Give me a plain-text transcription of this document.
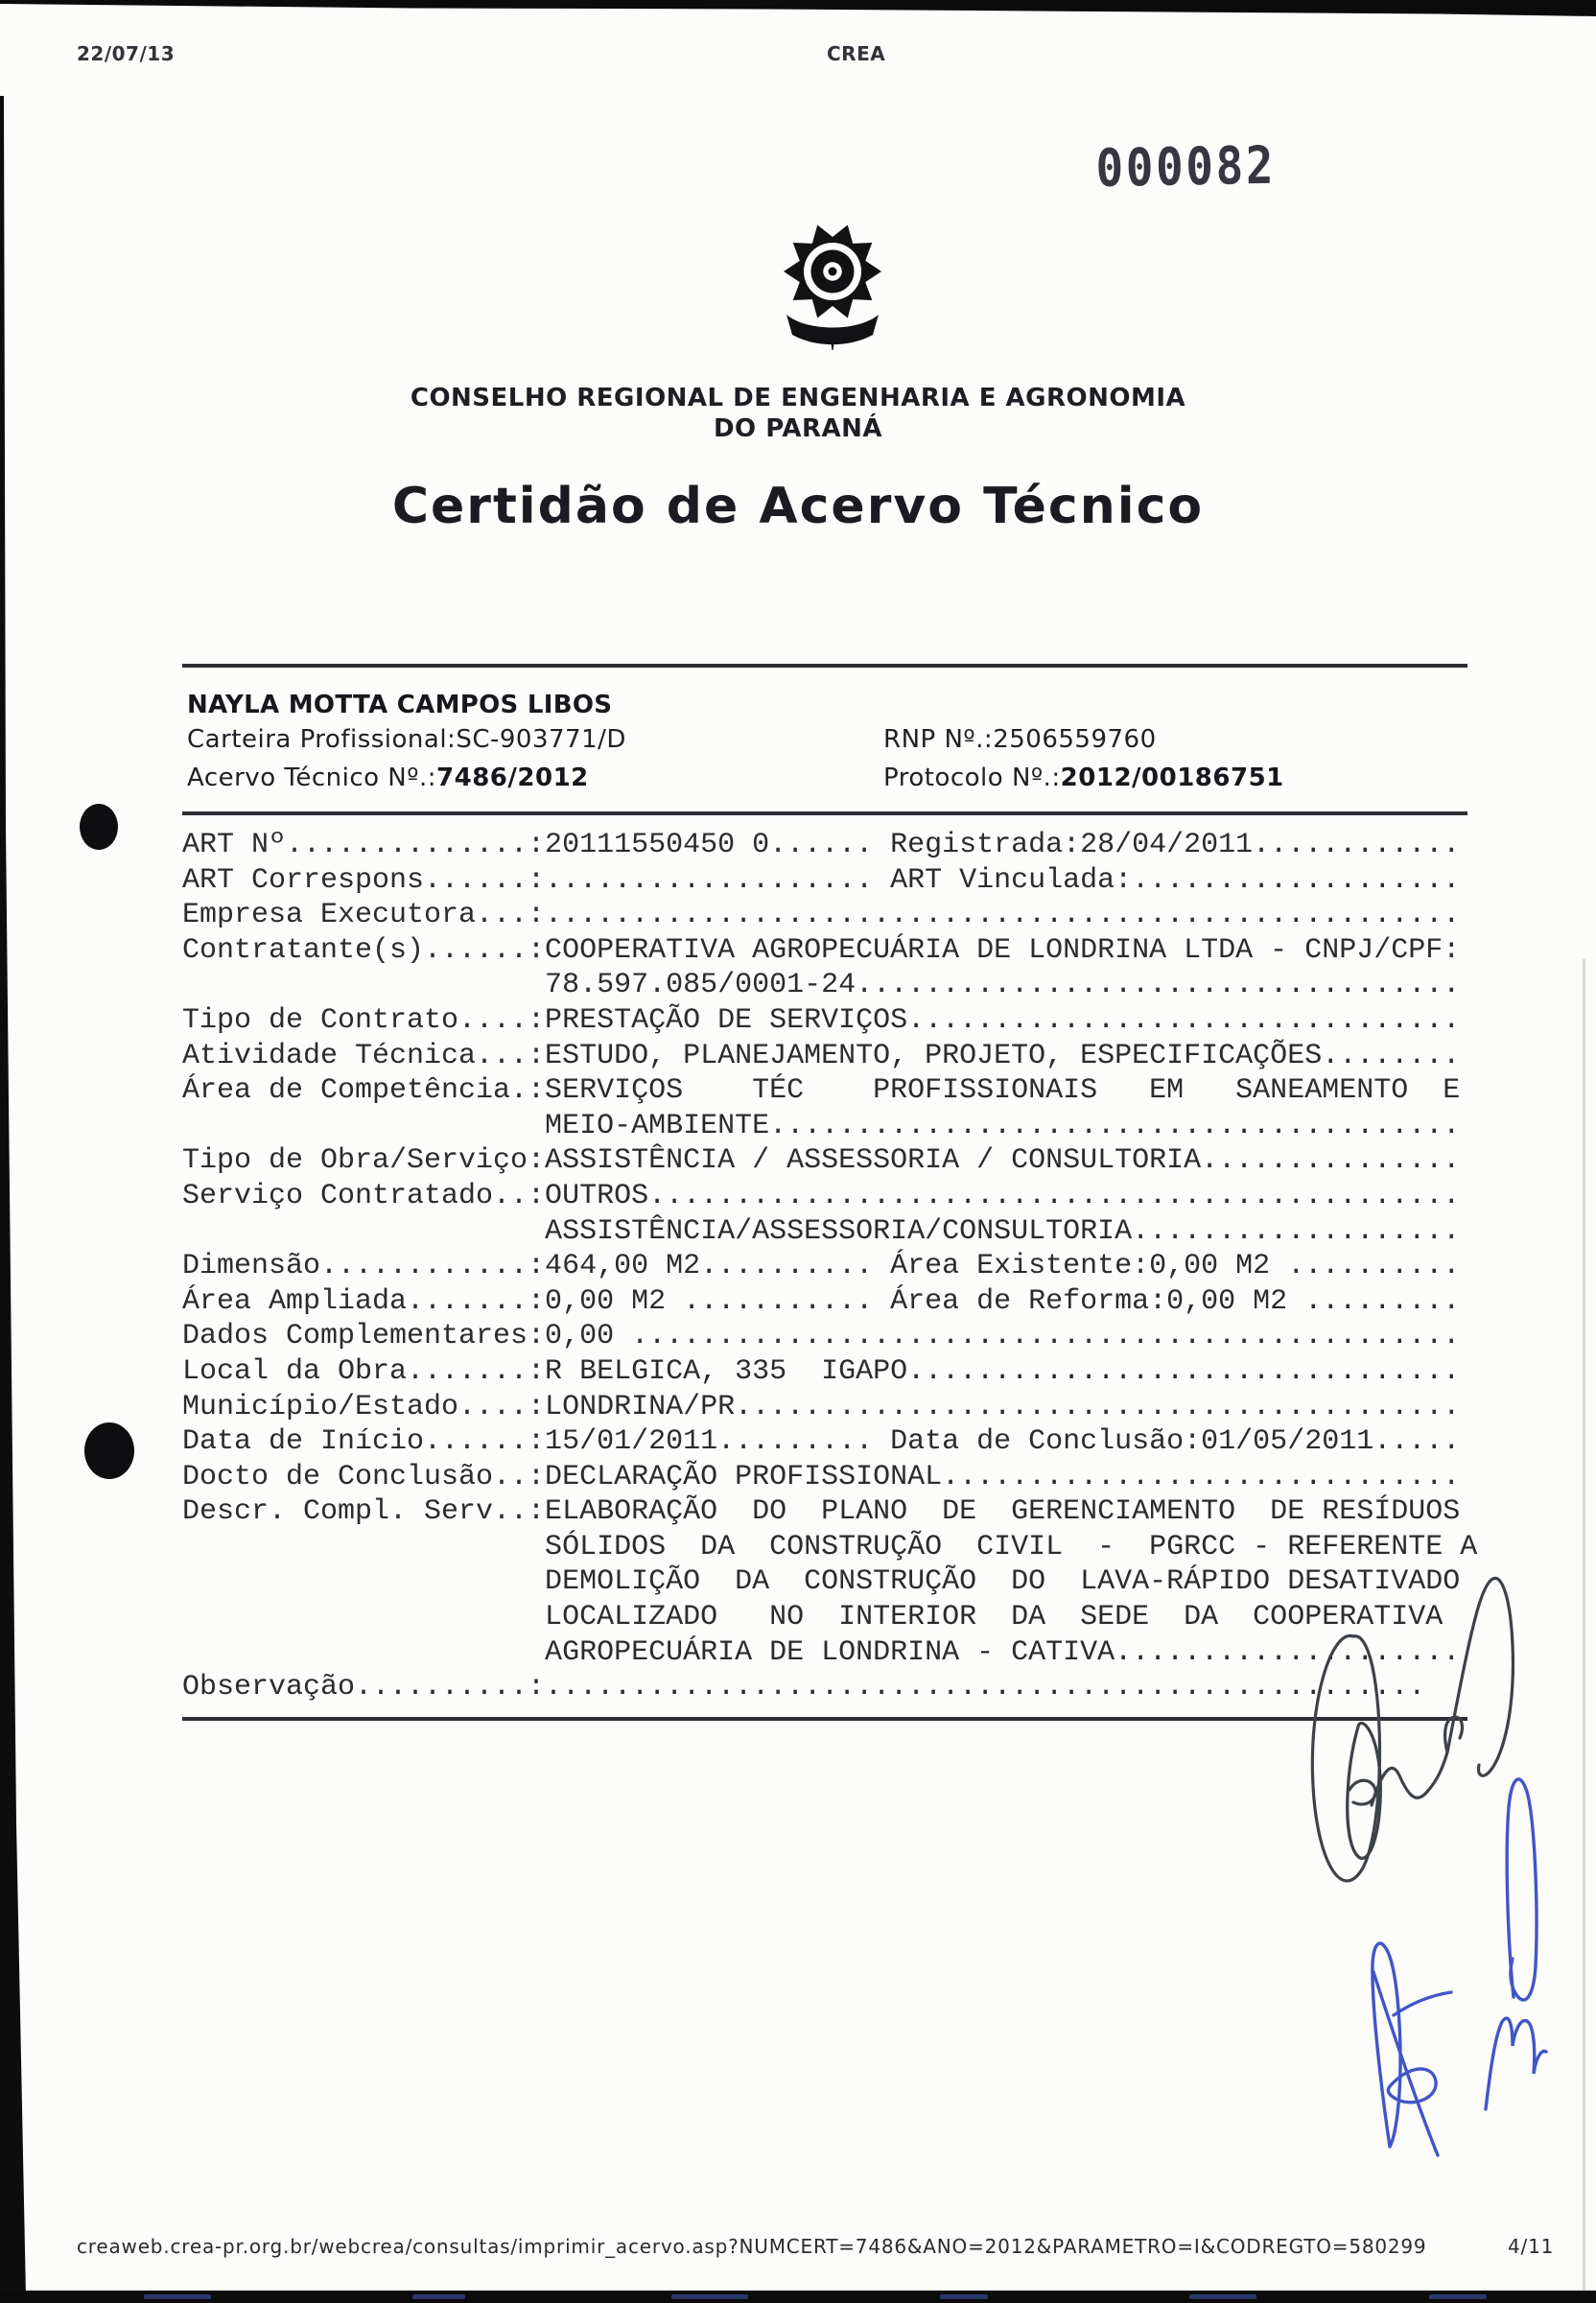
22/07/13	CREA
000082
CONSELHO REGIONAL DE ENGENHARIA E AGRONOMIA
DO PARANÁ
Certidão de Acervo Técnico
NAYLA MOTTA CAMPOS LIBOS
Carteira Profissional:SC-903771/D
Acervo Técnico Nº.:7486/2012
RNP Nº.:2506559760
Protocolo Nº.:2012/00186751
ART Nº..............:20111550450 0...... Registrada:28/04/2011............
ART Correspons......:................... ART Vinculada:...................
Empresa Executora...:.....................................................
Contratante(s)......:COOPERATIVA AGROPECUÁRIA DE LONDRINA LTDA - CNPJ/CPF:
78.597.085/0001-24...................................
Tipo de Contrato....:PRESTAÇÃO DE SERVIÇOS................................
Atividade Técnica...:ESTUDO, PLANEJAMENTO, PROJETO, ESPECIFICAÇÕES........
Área de Competência.:SERVIÇOS    TÉC    PROFISSIONAIS   EM   SANEAMENTO  E
MEIO-AMBIENTE........................................
Tipo de Obra/Serviço:ASSISTÊNCIA / ASSESSORIA / CONSULTORIA...............
Serviço Contratado..:OUTROS...............................................
ASSISTÊNCIA/ASSESSORIA/CONSULTORIA...................
Dimensão............:464,00 M2.......... Área Existente:0,00 M2 ..........
Área Ampliada.......:0,00 M2 ........... Área de Reforma:0,00 M2 .........
Dados Complementares:0,00 ................................................
Local da Obra.......:R BELGICA, 335  IGAPO................................
Município/Estado....:LONDRINA/PR..........................................
Data de Início......:15/01/2011......... Data de Conclusão:01/05/2011.....
Docto de Conclusão..:DECLARAÇÃO PROFISSIONAL..............................
Descr. Compl. Serv..:ELABORAÇÃO  DO  PLANO  DE  GERENCIAMENTO  DE RESÍDUOS
SÓLIDOS  DA  CONSTRUÇÃO  CIVIL  -  PGRCC - REFERENTE A
DEMOLIÇÃO  DA  CONSTRUÇÃO  DO  LAVA-RÁPIDO DESATIVADO
LOCALIZADO   NO  INTERIOR  DA  SEDE  DA  COOPERATIVA
AGROPECUÁRIA DE LONDRINA - CATIVA....................
Observação..........:...................................................
creaweb.crea-pr.org.br/webcrea/consultas/imprimir_acervo.asp?NUMCERT=7486&ANO=2012&PARAMETRO=I&CODREGTO=580299	4/11
